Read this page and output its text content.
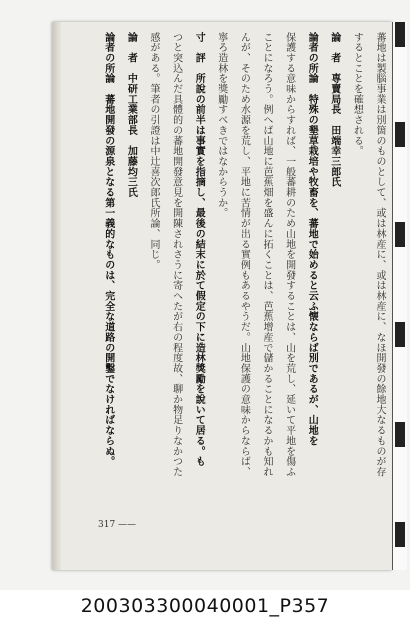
蕃地は製腦事業は別箇のものとして、或は林産に、或は林産に、なほ開發の餘地大なるものが存
するとことを確想される。
論　者　専賣局長　田端幸三郎氏
論者の所論　特殊の墾草栽培や牧畜を、蕃地で始めると云ふ懐ならば別であるが、山地を
保護する意味からすれば、一般蕃耕のため山地を開發することは、山を荒し、延いて平地を傷ふ
ことになろう。例へば山地に芭蕉畑を盛んに拓くことは、芭蕉增産で儲かることになるかも知れ
んが、そのため水源を荒し、平地に苦情が出る實例もあるやうだ。山地保護の意味からならば、
寧ろ造林を獎勵すべきではなからうか。
寸　評　所說の前半は事實を指摘し、最後の結末に於て假定の下に造林獎勵を說いて居る。も
つと突込んだ具體的の蕃地開發意見を開陳されさうに寄へたが右の程度故、聊か物足りなかつた
感がある。筆者の引證は中辻喜次郎氏所論、同じ。
論　者　中研工業部長　加藤均三氏
論者の所論　蕃地開發の源泉となる第一義的なものは、完全な道路の開鑿でなければならぬ。
317 ——
200303300040001_P357
